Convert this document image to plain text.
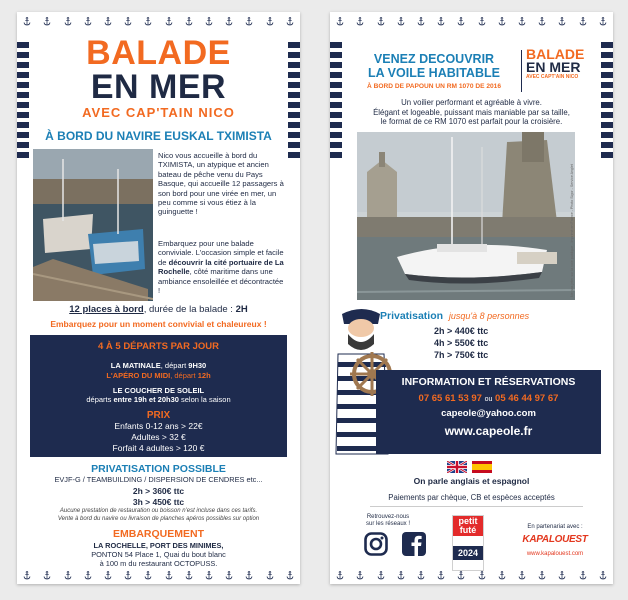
BALADE
EN MER
AVEC CAP'TAIN NICO
À BORD DU NAVIRE EUSKAL TXIMISTA
Nico vous accueille à bord du TXIMISTA, un atypique et ancien bateau de pêche venu du Pays Basque, qui accueille 12 passagers à son bord pour une virée en mer, un peu comme si vous étiez à la guinguette !
Embarquez pour une balade conviviale. L'occasion simple et facile de découvrir la cité portuaire de La Rochelle, côté maritime dans une ambiance ensoleillée et décontractée !
12 places à bord, durée de la balade : 2H
Embarquez pour un moment convivial et chaleureux !
4 À 5 DÉPARTS PAR JOUR
LA MATINALE, départ 9H30
L'APÉRO DU MIDI, départ 12h
LE COUCHER DE SOLEIL
départs entre 19h et 20h30 selon la saison
PRIX
Enfants 0-12 ans > 22€
Adultes > 32 €
Forfait 4 adultes > 120 €
PRIVATISATION POSSIBLE
EVJF-G / TEAMBUILDING / DISPERSION DE CENDRES etc...
2h > 360€ ttc
3h > 450€ ttc
Aucune prestation de restauration ou boisson n'est incluse dans ces tarifs.
Vente à bord du navire ou livraison de planches apéros possibles sur option
EMBARQUEMENT
LA ROCHELLE, PORT DES MINIMES,
PONTON 54 Place 1, Quai du bout blanc
à 100 m du restaurant OCTOPUSS.
VENEZ DECOUVRIR
LA VOILE HABITABLE
À BORD DE PAPOUN UN RM 1070 DE 2016
BALADE
EN MER
AVEC CAPT'AIN NICO
Un voilier performant et agréable à vivre.
Élégant et logeable, puissant mais maniable par sa taille,
le format de ce RM 1070 est parfait pour la croisière.
Ne pas jeter sur la voie publique - Imprimé en France - Photo Sigor - Service Anglet
Privatisation jusqu'à 8 personnes
2h > 440€ ttc
4h > 550€ ttc
7h > 750€ ttc
INFORMATION ET RÉSERVATIONS
07 65 61 53 97 ou 05 46 44 97 67
capeole@yahoo.com
www.capeole.fr
On parle anglais et espagnol
Paiements par chèque, CB et espèces acceptés
Retrouvez-nous
sur les réseaux !	petit
futé
2024
En partenariat avec :
KAPALOUEST
www.kapalouest.com
